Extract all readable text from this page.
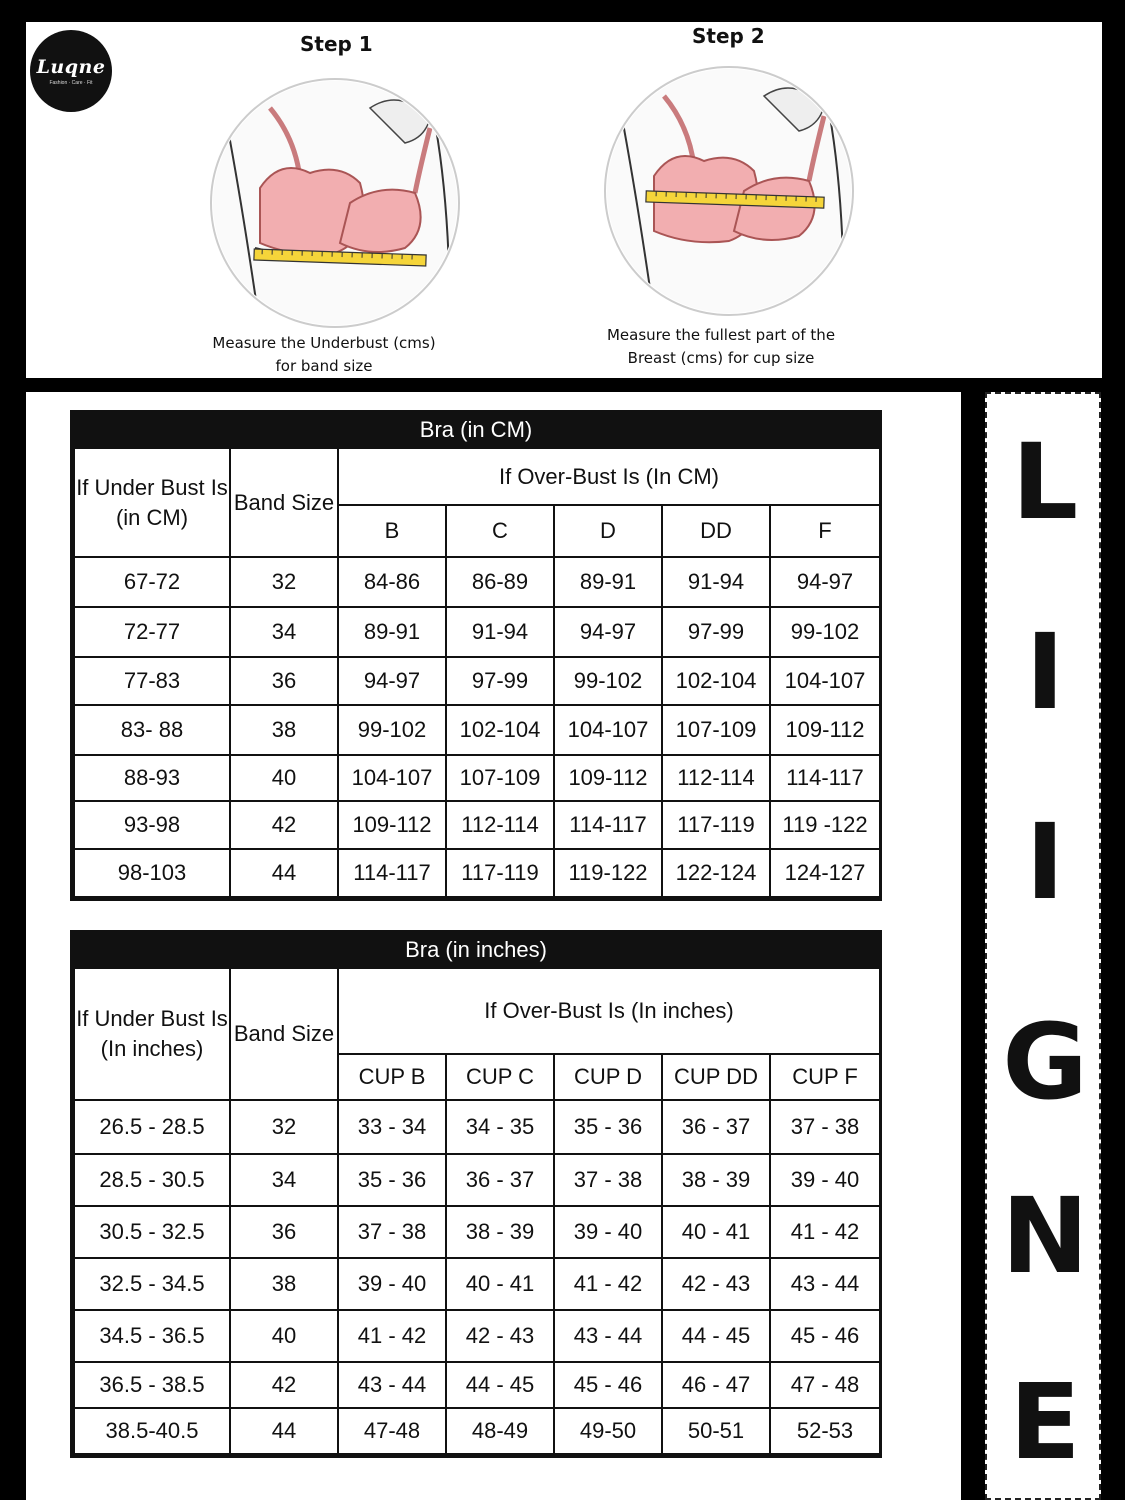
Luqne
Fashion · Care · Fit
Step 1	Step 2
Measure the Underbust (cms)
for band size
Measure the fullest part of the
Breast (cms) for cup size
Bra (in CM)
If Under Bust Is (in CM)	Band Size	If Over-Bust Is (In CM)				
		B	C	D	DD	F
67-72	32	84-86	86-89	89-91	91-94	94-97
72-77	34	89-91	91-94	94-97	97-99	99-102
77-83	36	94-97	97-99	99-102	102-104	104-107
83- 88	38	99-102	102-104	104-107	107-109	109-112
88-93	40	104-107	107-109	109-112	112-114	114-117
93-98	42	109-112	112-114	114-117	117-119	119 -122
98-103	44	114-117	117-119	119-122	122-124	124-127
Bra (in inches)
If Under Bust Is (In inches)	Band Size	If Over-Bust Is (In inches)				
		CUP B	CUP C	CUP D	CUP DD	CUP F
26.5 - 28.5	32	33 - 34	34 - 35	35 - 36	36 - 37	37 - 38
28.5 - 30.5	34	35 - 36	36 - 37	37 - 38	38 - 39	39 - 40
30.5 - 32.5	36	37 - 38	38 - 39	39 - 40	40 - 41	41 - 42
32.5 - 34.5	38	39 - 40	40 - 41	41 - 42	42 - 43	43 - 44
34.5 - 36.5	40	41 - 42	42 - 43	43 - 44	44 - 45	45 - 46
36.5 - 38.5	42	43 - 44	44 - 45	45 - 46	46 - 47	47 - 48
38.5-40.5	44	47-48	48-49	49-50	50-51	52-53
L
I
I
G
N
E
